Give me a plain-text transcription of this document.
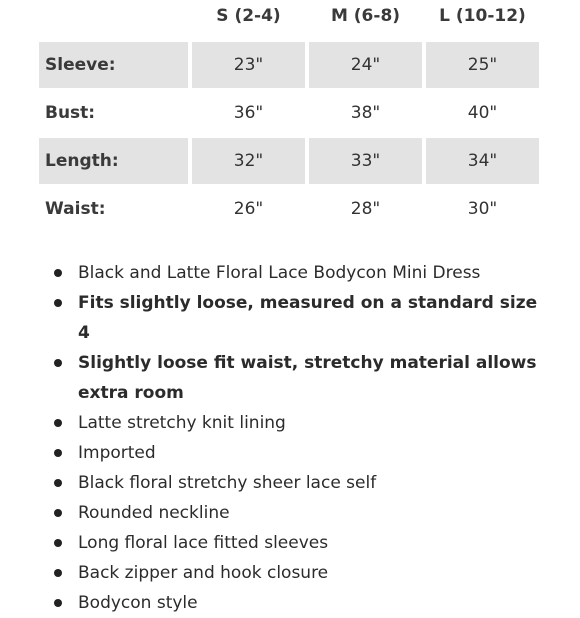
S (2-4)	M (6-8)	L (10-12)
Sleeve:	23"	24"	25"
Bust:	36"	38"	40"
Length:	32"	33"	34"
Waist:	26"	28"	30"
Black and Latte Floral Lace Bodycon Mini Dress
Fits slightly loose, measured on a standard size 4
Slightly loose fit waist, stretchy material allows extra room
Latte stretchy knit lining
Imported
Black floral stretchy sheer lace self
Rounded neckline
Long floral lace fitted sleeves
Back zipper and hook closure
Bodycon style
